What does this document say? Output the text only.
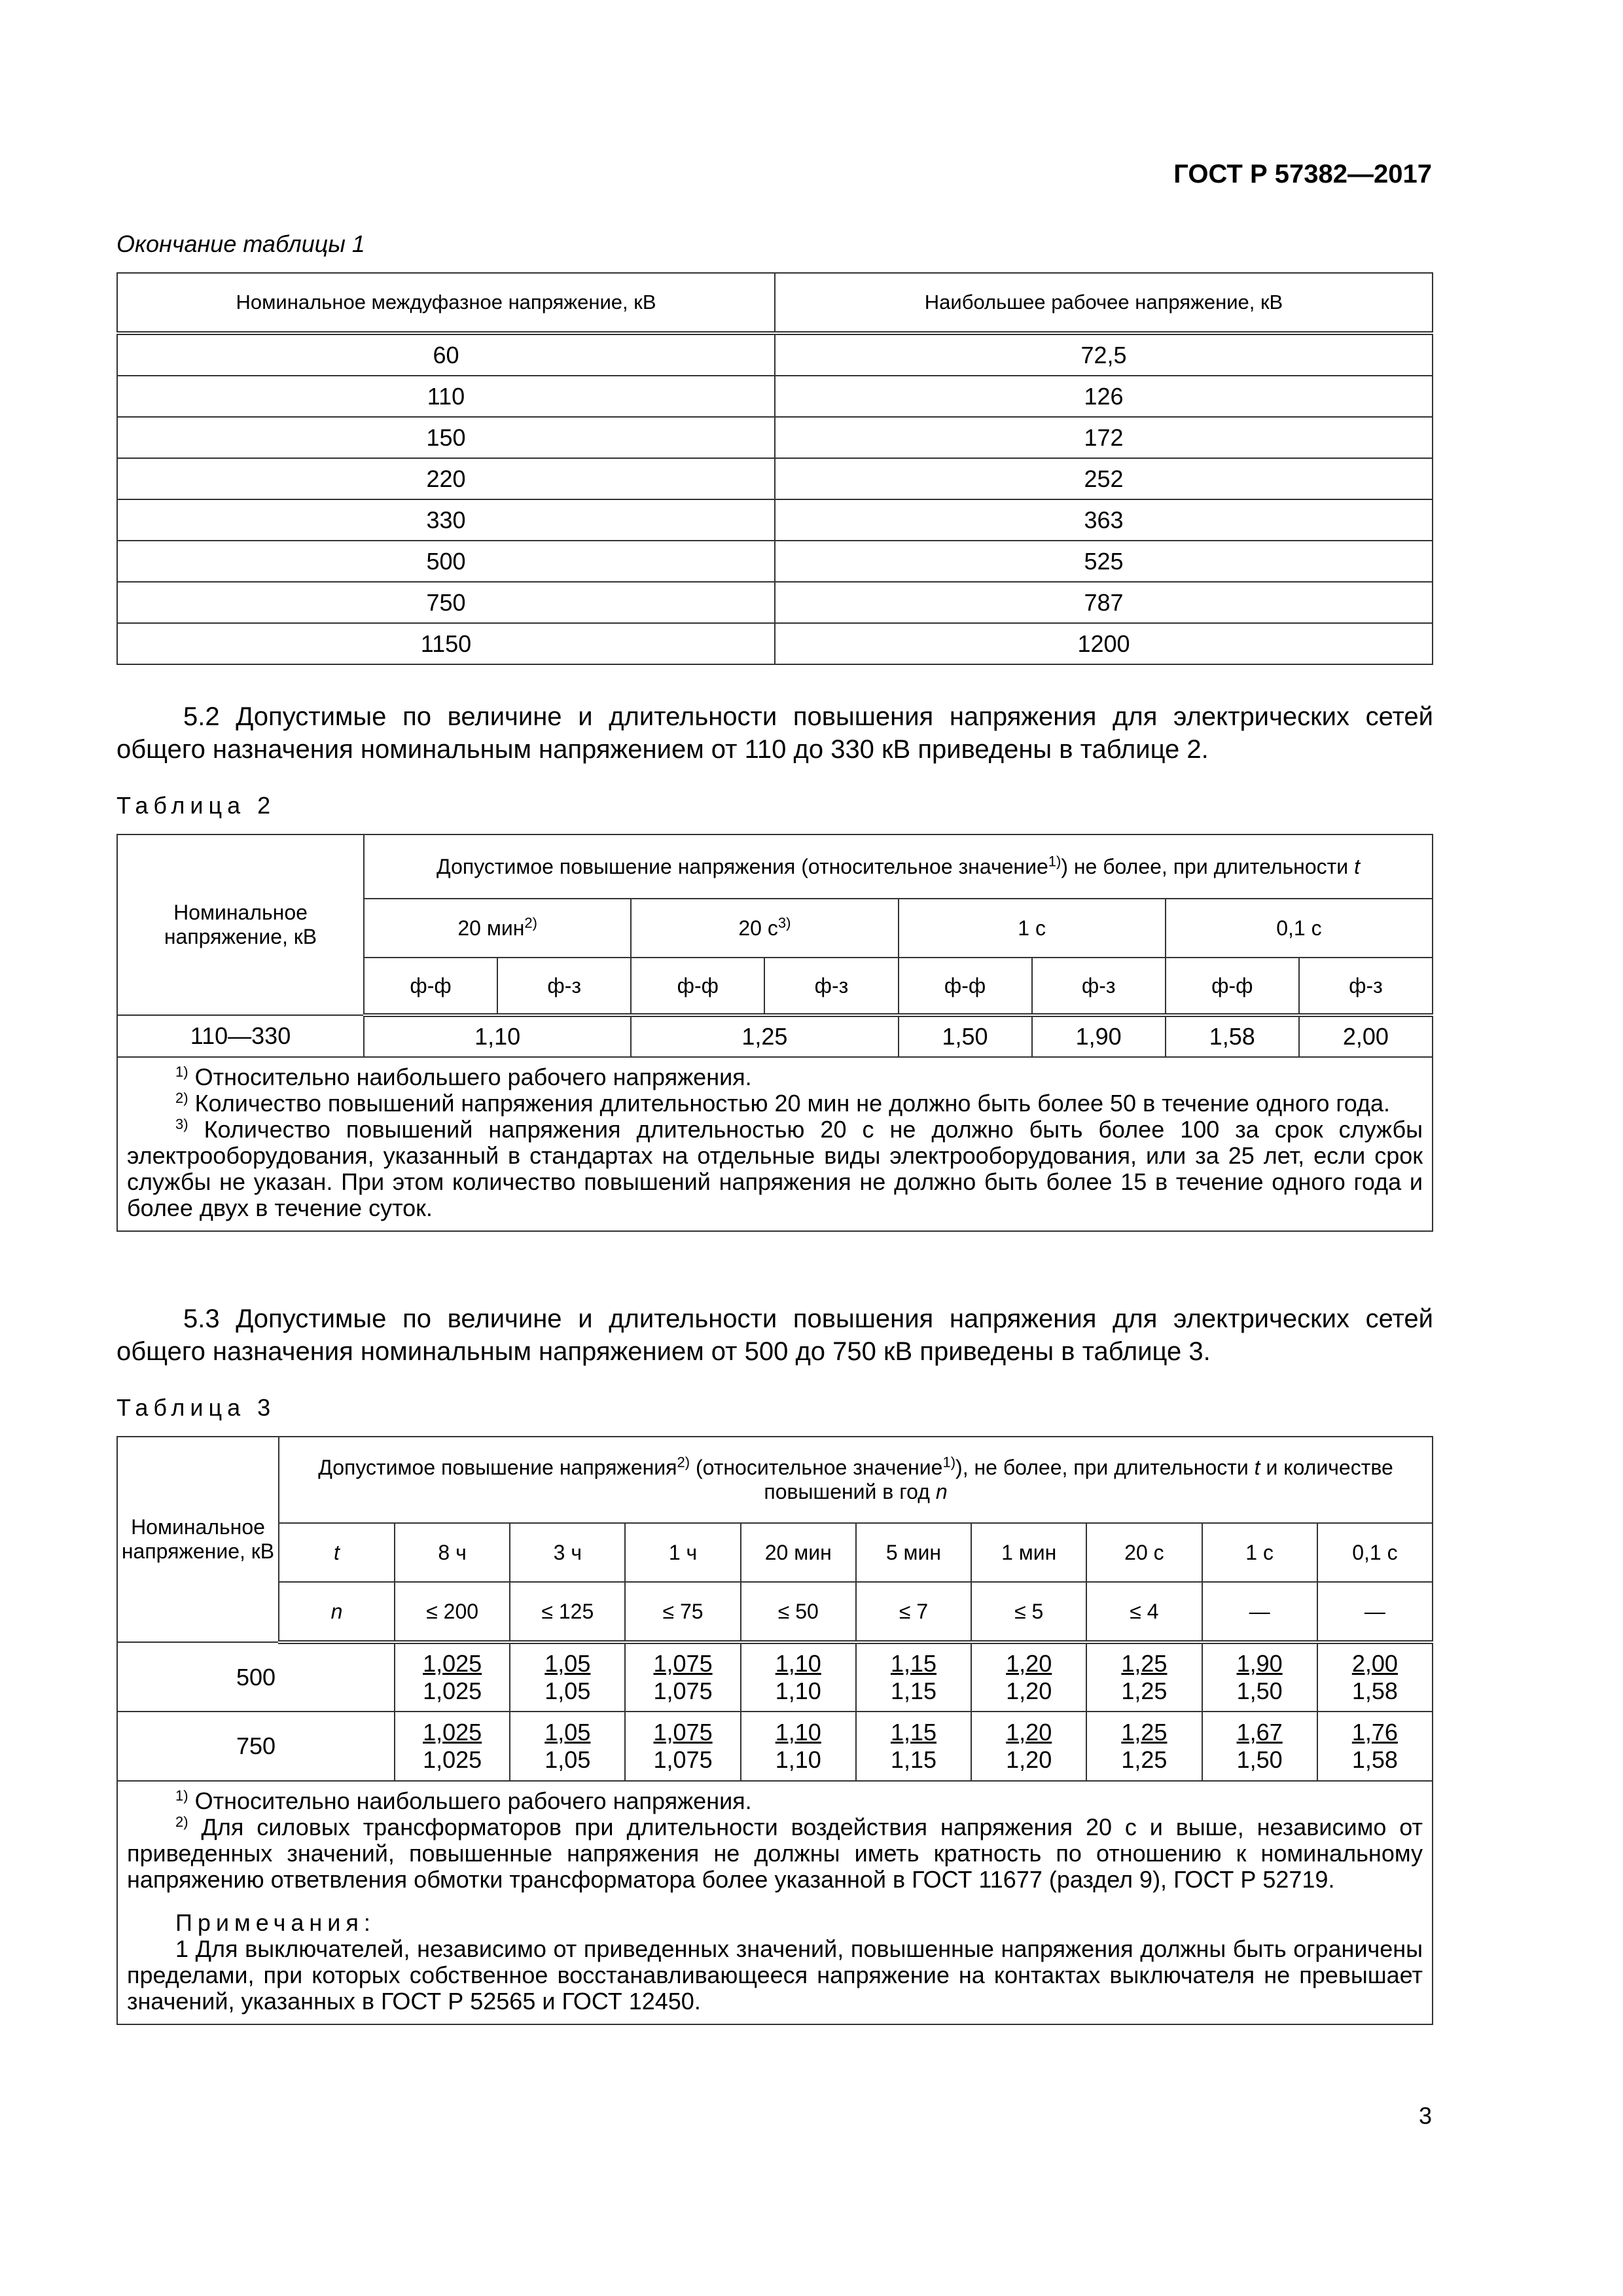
ГОСТ Р 57382—2017
Окончание таблицы 1
Номинальное междуфазное напряжение, кВ	Наибольшее рабочее напряжение, кВ
60	72,5
110	126
150	172
220	252
330	363
500	525
750	787
1150	1200

5.2 Допустимые по величине и длительности повышения напряжения для электрических сетей общего назначения номинальным напряжением от 110 до 330 кВ приведены в таблице 2.

Таблица 2
Номинальное напряжение, кВ	Допустимое повышение напряжения (относительное значение$^{1)}$) не более, при длительности t							
	20 мин$^{2)}$		20 $с^{3)}$		1 с		0,1 с	
	ф-ф	ф-з	ф-ф	ф-з	ф-ф	ф-з	ф-ф	ф-з
110—330	1,10		1,25		1,50	1,90	1,58	2,00

$^{1)}$ Относительно наибольшего рабочего напряжения.

$^{2)}$ Количество повышений напряжения длительностью 20 мин не должно быть более 50 в течение одного года.

$^{3)}$ Количество повышений напряжения длительностью 20 с не должно быть более 100 за срок службы электрооборудования, указанный в стандартах на отдельные виды электрооборудования, или за 25 лет, если срок службы не указан. При этом количество повышений напряжения не должно быть более 15 в течение одного года и более двух в течение суток.								

5.3 Допустимые по величине и длительности повышения напряжения для электрических сетей общего назначения номинальным напряжением от 500 до 750 кВ приведены в таблице 3.

Таблица 3
Номинальное напряжение, кВ	Допустимое повышение напряжения$^{2)}$ (относительное значение$^{1)}$), не более, при длительности t и количестве повышений в год n									
	t	8 ч	3 ч	1 ч	20 мин	5 мин	1 мин	20 с	1 с	0,1 с
	n	≤ 200	≤ 125	≤ 75	≤ 50	≤ 7	≤ 5	≤ 4	—	—
500		$\frac{1,025}{1,025}$	$\frac{1,05}{1,05}$	$\frac{1,075}{1,075}$	$\frac{1,10}{1,10}$	$\frac{1,15}{1,15}$	$\frac{1,20}{1,20}$	$\frac{1,25}{1,25}$	$\frac{1,90}{1,50}$	$\frac{2,00}{1,58}$

750		$\frac{1,025}{1,025}$	$\frac{1,05}{1,05}$	$\frac{1,075}{1,075}$	$\frac{1,10}{1,10}$	$\frac{1,15}{1,15}$	$\frac{1,20}{1,20}$	$\frac{1,25}{1,25}$	$\frac{1,67}{1,50}$	$\frac{1,76}{1,58}$

$^{1)}$ Относительно наибольшего рабочего напряжения.

$^{2)}$ Для силовых трансформаторов при длительности воздействия напряжения 20 с и выше, независимо от приведенных значений, повышенные напряжения не должны иметь кратность по отношению к номинальному напряжению ответвления обмотки трансформатора более указанной в ГОСТ 11677 (раздел 9), ГОСТ Р 52719.

Примечания:

1 Для выключателей, независимо от приведенных значений, повышенные напряжения должны быть ограничены пределами, при которых собственное восстанавливающееся напряжение на контактах выключателя не превышает значений, указанных в ГОСТ Р 52565 и ГОСТ 12450.										

3
